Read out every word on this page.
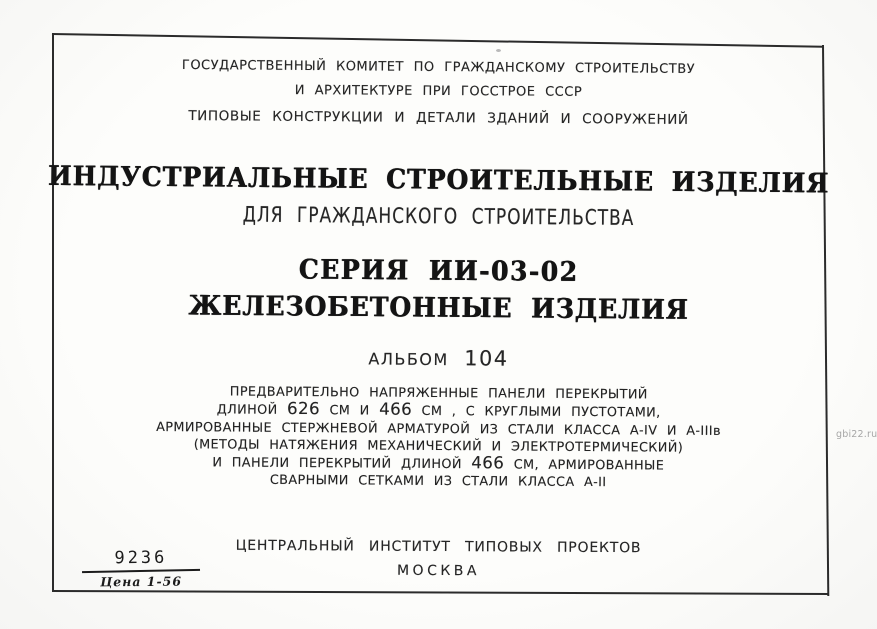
ГОСУДАРСТВЕННЫЙ КОМИТЕТ ПО ГРАЖДАНСКОМУ СТРОИТЕЛЬСТВУ
И АРХИТЕКТУРЕ ПРИ ГОССТРОЕ СССР
ТИПОВЫЕ КОНСТРУКЦИИ И ДЕТАЛИ ЗДАНИЙ И СООРУЖЕНИЙ
ИНДУСТРИАЛЬНЫЕ СТРОИТЕЛЬНЫЕ ИЗДЕЛИЯ
ДЛЯ ГРАЖДАНСКОГО СТРОИТЕЛЬСТВА
СЕРИЯ ИИ-03-02
ЖЕЛЕЗОБЕТОННЫЕ ИЗДЕЛИЯ
АЛЬБОМ 104
ПРЕДВАРИТЕЛЬНО НАПРЯЖЕННЫЕ ПАНЕЛИ ПЕРЕКРЫТИЙ
ДЛИНОЙ 626 СМ И 466 СМ , С КРУГЛЫМИ ПУСТОТАМИ,
АРМИРОВАННЫЕ СТЕРЖНЕВОЙ АРМАТУРОЙ ИЗ СТАЛИ КЛАССА А-IV И А-IIIв
(МЕТОДЫ НАТЯЖЕНИЯ МЕХАНИЧЕСКИЙ И ЭЛЕКТРОТЕРМИЧЕСКИЙ)
И ПАНЕЛИ ПЕРЕКРЫТИЙ ДЛИНОЙ 466 СМ, АРМИРОВАННЫЕ
СВАРНЫМИ СЕТКАМИ ИЗ СТАЛИ КЛАССА А-II
ЦЕНТРАЛЬНЫЙ ИНСТИТУТ ТИПОВЫХ ПРОЕКТОВ
МОСКВА
9236
Цена 1-56
gbi22.ru
